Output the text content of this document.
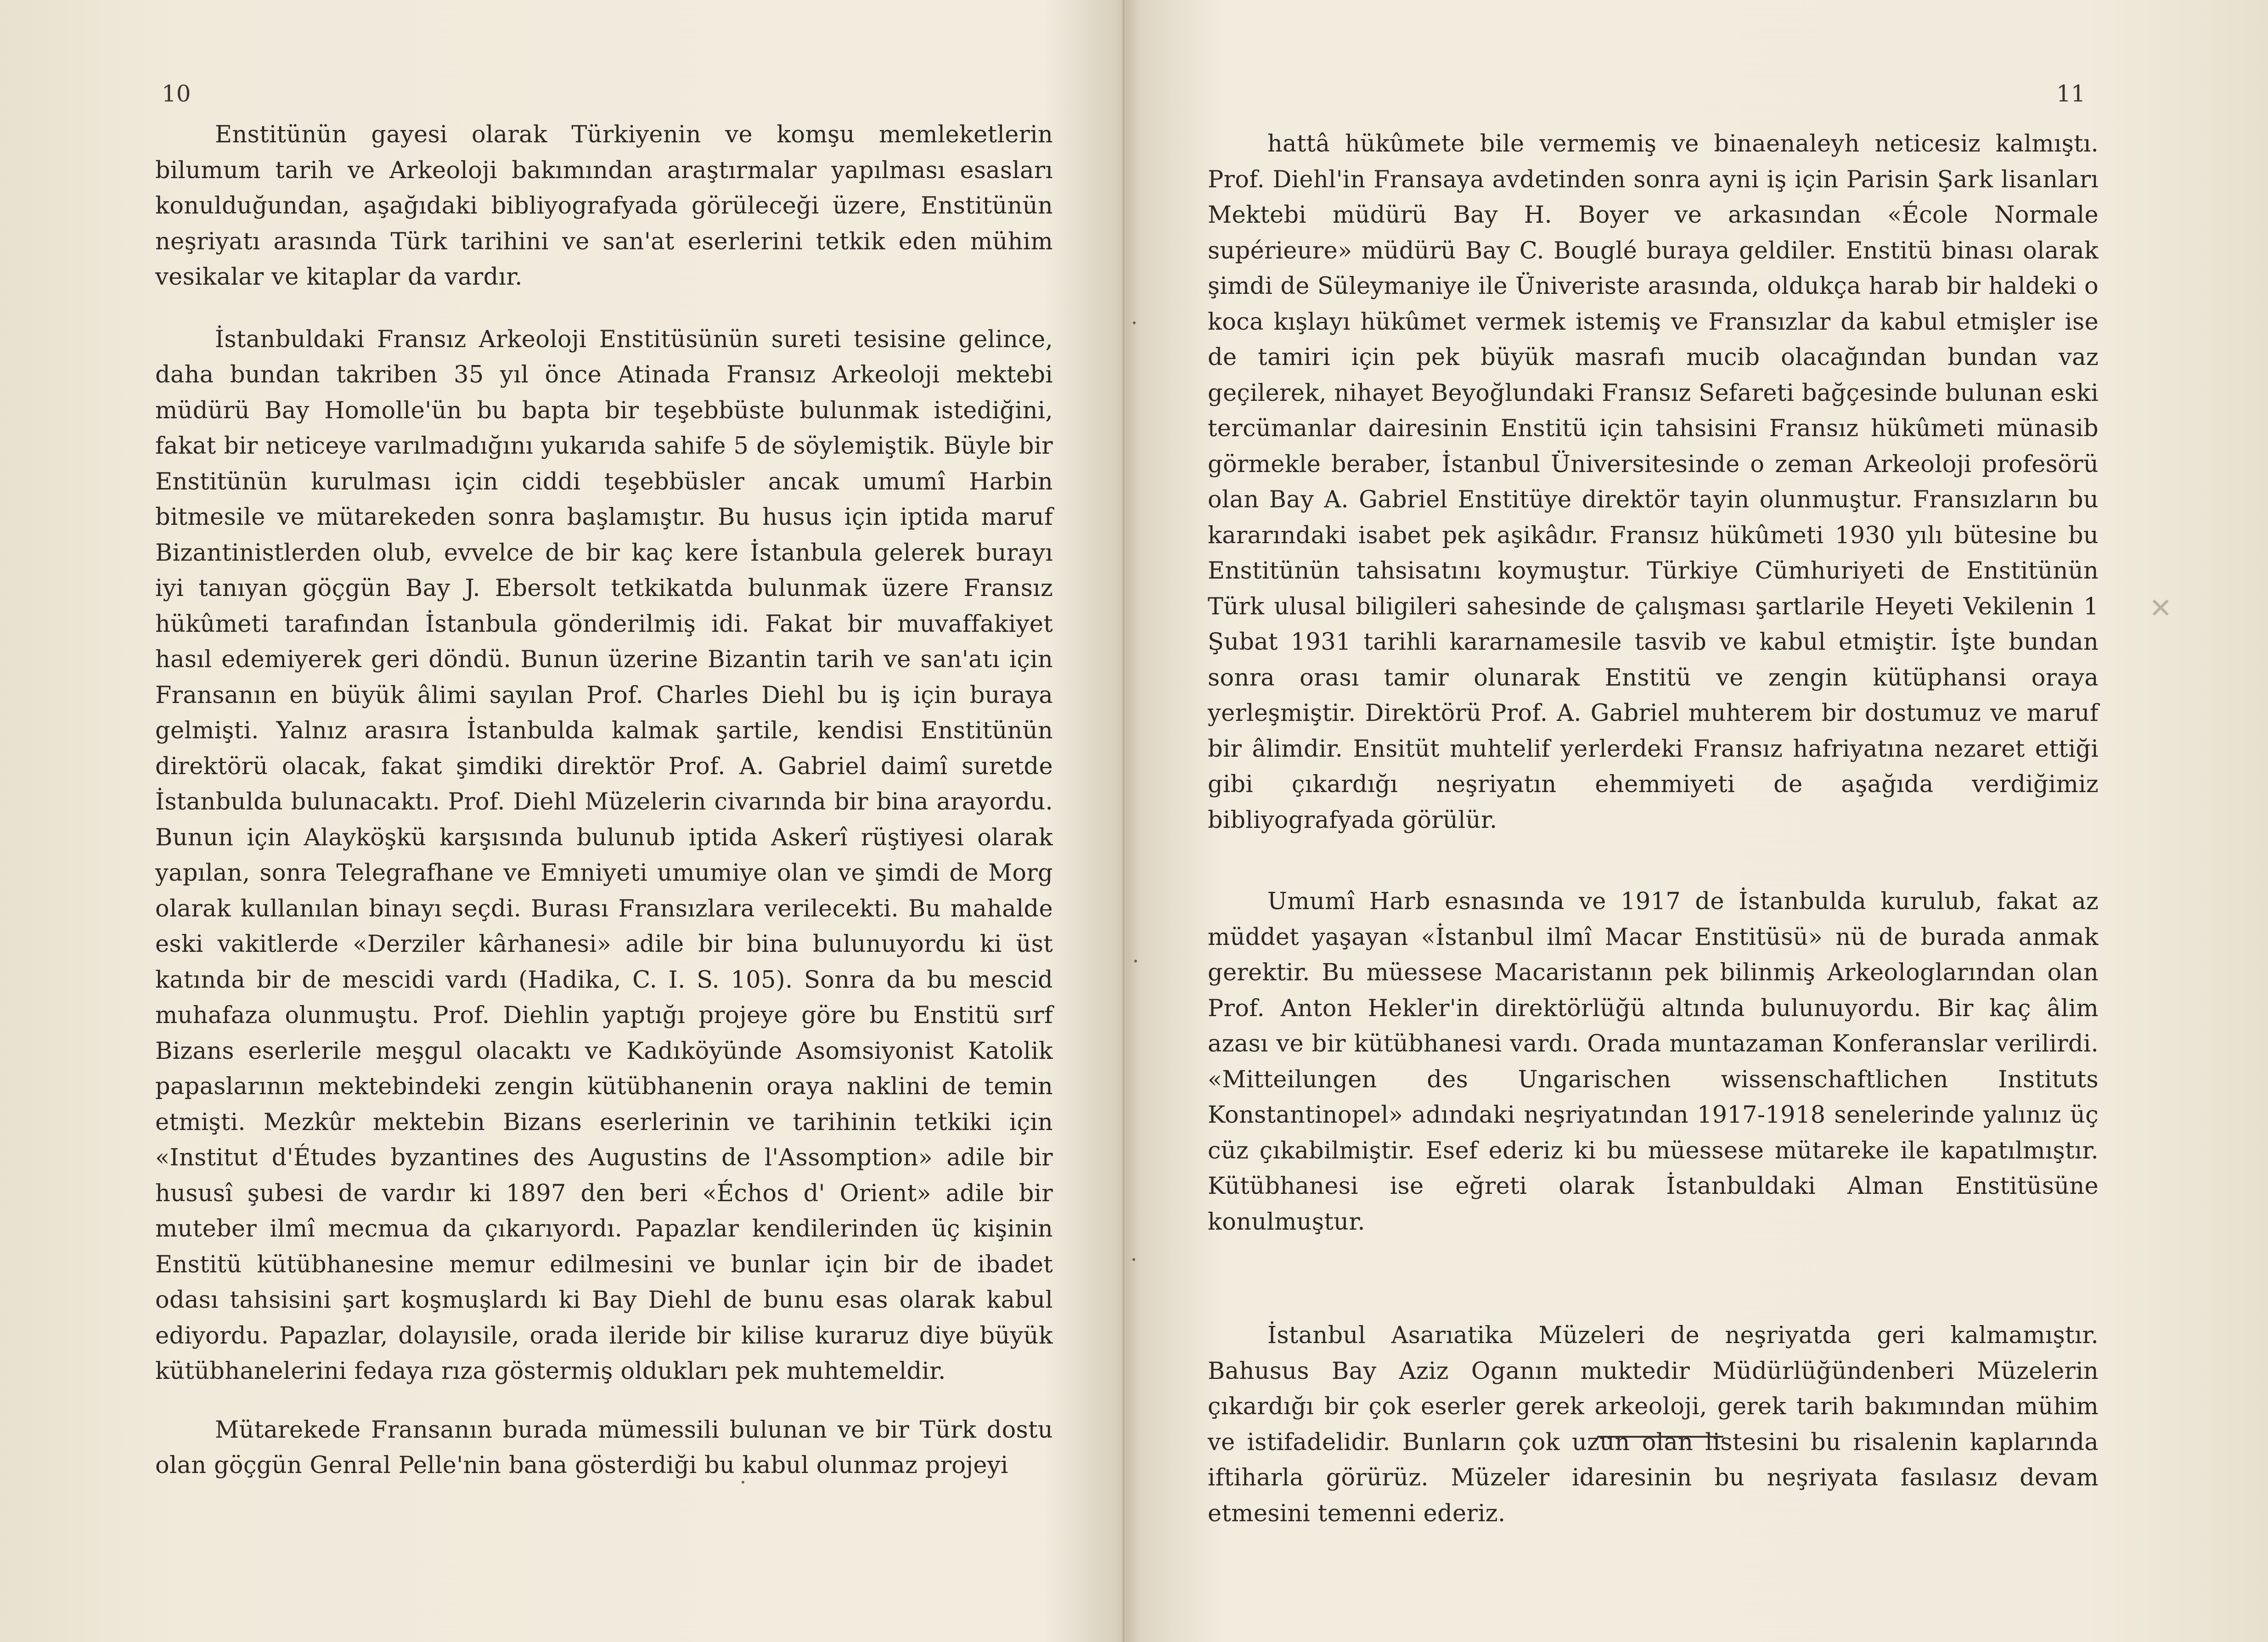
10

Enstitünün gayesi olarak Türkiyenin ve komşu memleketlerin bilumum tarih ve Arkeoloji bakımından araştırmalar yapılması esasları konulduğundan, aşağıdaki bibliyografyada görüleceği üzere, Enstitünün neşriyatı arasında Türk tarihini ve san'at eserlerini tetkik eden mühim vesikalar ve kitaplar da vardır.

İstanbuldaki Fransız Arkeoloji Enstitüsünün sureti tesisine gelince, daha bundan takriben 35 yıl önce Atinada Fransız Arkeoloji mektebi müdürü Bay Homolle'ün bu bapta bir teşebbüste bulunmak istediğini, fakat bir neticeye varılmadığını yukarıda sahife 5 de söylemiştik. Büyle bir Enstitünün kurulması için ciddi teşebbüsler ancak umumî Harbin bitmesile ve mütarekeden sonra başlamıştır. Bu husus için iptida maruf Bizantinistlerden olub, evvelce de bir kaç kere İstanbula gelerek burayı iyi tanıyan göçgün Bay J. Ebersolt tetkikatda bulunmak üzere Fransız hükûmeti tarafından İstanbula gönderilmiş idi. Fakat bir muvaffakiyet hasıl edemiyerek geri döndü. Bunun üzerine Bizantin tarih ve san'atı için Fransanın en büyük âlimi sayılan Prof. Charles Diehl bu iş için buraya gelmişti. Yalnız arasıra İstanbulda kalmak şartile, kendisi Enstitünün direktörü olacak, fakat şimdiki direktör Prof. A. Gabriel daimî suretde İstanbulda bulunacaktı. Prof. Diehl Müzelerin civarında bir bina arayordu. Bunun için Alayköşkü karşısında bulunub iptida Askerî rüştiyesi olarak yapılan, sonra Telegrafhane ve Emniyeti umumiye olan ve şimdi de Morg olarak kullanılan binayı seçdi. Burası Fransızlara verilecekti. Bu mahalde eski vakitlerde «Derziler kârhanesi» adile bir bina bulunuyordu ki üst katında bir de mescidi vardı (Hadika, C. I. S. 105). Sonra da bu mescid muhafaza olunmuştu. Prof. Diehlin yaptığı projeye göre bu Enstitü sırf Bizans eserlerile meşgul olacaktı ve Kadıköyünde Asomsiyonist Katolik papaslarının mektebindeki zengin kütübhanenin oraya naklini de temin etmişti. Mezkûr mektebin Bizans eserlerinin ve tarihinin tetkiki için «Institut d'Études byzantines des Augustins de l'Assomption» adile bir hususî şubesi de vardır ki 1897 den beri «Échos d' Orient» adile bir muteber ilmî mecmua da çıkarıyordı. Papazlar kendilerinden üç kişinin Enstitü kütübhanesine memur edilmesini ve bunlar için bir de ibadet odası tahsisini şart koşmuşlardı ki Bay Diehl de bunu esas olarak kabul ediyordu. Papazlar, dolayısile, orada ileride bir kilise kuraruz diye büyük kütübhanelerini fedaya rıza göstermiş oldukları pek muhtemeldir.

Mütarekede Fransanın burada mümessili bulunan ve bir Türk dostu olan göçgün Genral Pelle'nin bana gösterdiği bu kabul olunmaz projeyi

11

hattâ hükûmete bile vermemiş ve binaenaleyh neticesiz kalmıştı. Prof. Diehl'in Fransaya avdetinden sonra ayni iş için Parisin Şark lisanları Mektebi müdürü Bay H. Boyer ve arkasından «École Normale supérieure» müdürü Bay C. Bouglé buraya geldiler. Enstitü binası olarak şimdi de Süleymaniye ile Üniveriste arasında, oldukça harab bir haldeki o koca kışlayı hükûmet vermek istemiş ve Fransızlar da kabul etmişler ise de tamiri için pek büyük masrafı mucib olacağından bundan vaz geçilerek, nihayet Beyoğlundaki Fransız Sefareti bağçesinde bulunan eski tercümanlar dairesinin Enstitü için tahsisini Fransız hükûmeti münasib görmekle beraber, İstanbul Üniversitesinde o zeman Arkeoloji profesörü olan Bay A. Gabriel Enstitüye direktör tayin olunmuştur. Fransızların bu kararındaki isabet pek aşikâdır. Fransız hükûmeti 1930 yılı bütesine bu Enstitünün tahsisatını koymuştur. Türkiye Cümhuriyeti de Enstitünün Türk ulusal biligileri sahesinde de çalışması şartlarile Heyeti Vekilenin 1 Şubat 1931 tarihli kararnamesile tasvib ve kabul etmiştir. İşte bundan sonra orası tamir olunarak Enstitü ve zengin kütüphansi oraya yerleşmiştir. Direktörü Prof. A. Gabriel muhterem bir dostumuz ve maruf bir âlimdir. Ensitüt muhtelif yerlerdeki Fransız hafriyatına nezaret ettiği gibi çıkardığı neşriyatın ehemmiyeti de aşağıda verdiğimiz bibliyografyada görülür.

Umumî Harb esnasında ve 1917 de İstanbulda kurulub, fakat az müddet yaşayan «İstanbul ilmî Macar Enstitüsü» nü de burada anmak gerektir. Bu müessese Macaristanın pek bilinmiş Arkeologlarından olan Prof. Anton Hekler'in direktörlüğü altında bulunuyordu. Bir kaç âlim azası ve bir kütübhanesi vardı. Orada muntazaman Konferanslar verilirdi. «Mitteilungen des Ungarischen wissenschaftlichen Instituts Konstantinopel» adındaki neşriyatından 1917-1918 senelerinde yalınız üç cüz çıkabilmiştir. Esef ederiz ki bu müessese mütareke ile kapatılmıştır. Kütübhanesi ise eğreti olarak İstanbuldaki Alman Enstitüsüne konulmuştur.

İstanbul Asarıatika Müzeleri de neşriyatda geri kalmamıştır. Bahusus Bay Aziz Oganın muktedir Müdürlüğündenberi Müzelerin çıkardığı bir çok eserler gerek arkeoloji, gerek tarih bakımından mühim ve istifadelidir. Bunların çok uzun olan listesini bu risalenin kaplarında iftiharla görürüz. Müzeler idaresinin bu neşriyata fasılasız devam etmesini temenni ederiz.

✕
